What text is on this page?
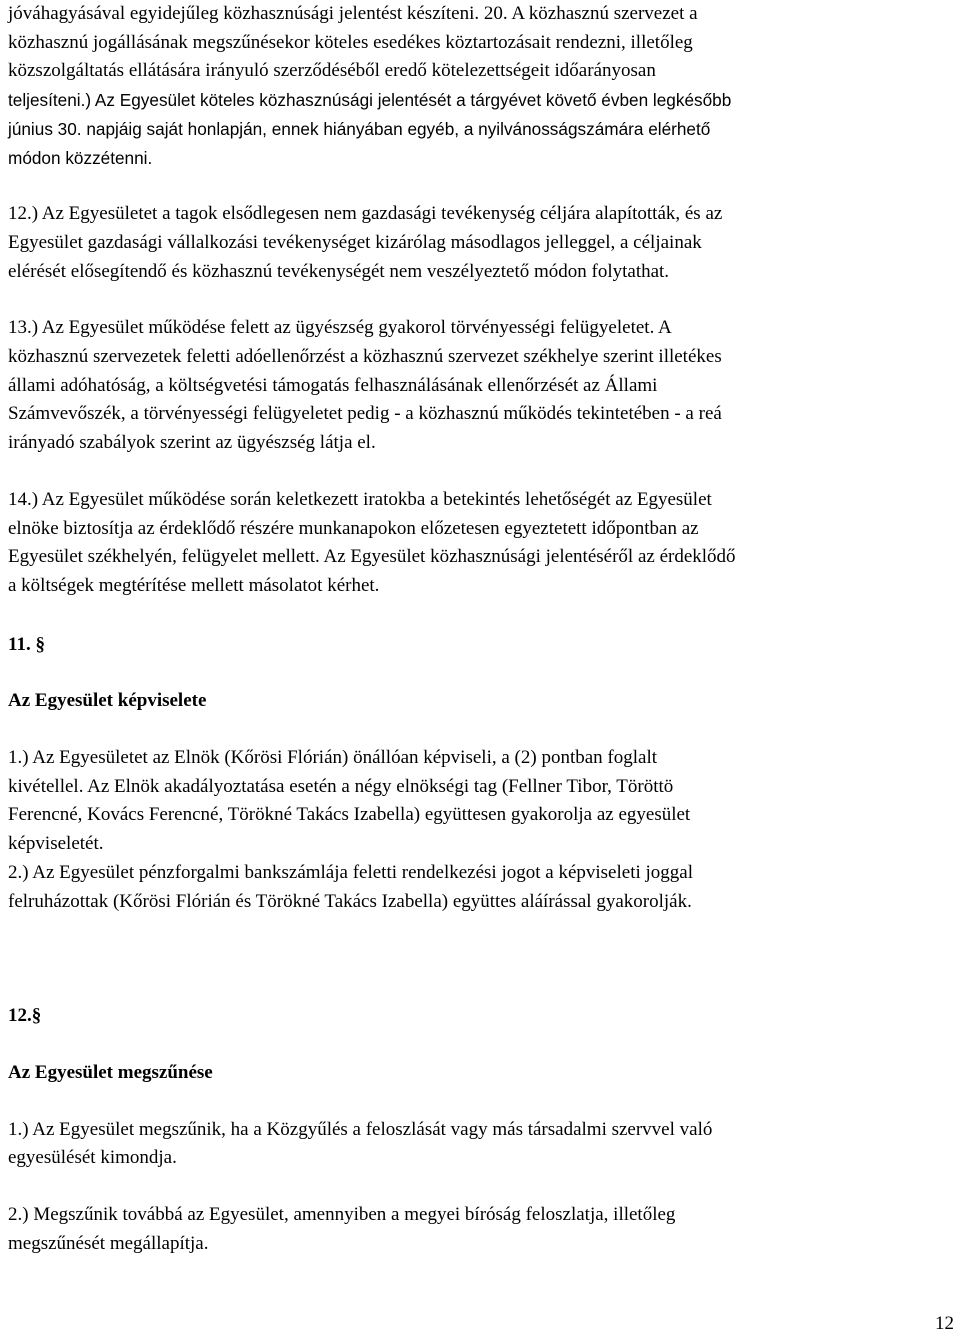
jóváhagyásával egyidejűleg közhasznúsági jelentést készíteni. 20. A közhasznú szervezet a
közhasznú jogállásának megszűnésekor köteles esedékes köztartozásait rendezni, illetőleg
közszolgáltatás ellátására irányuló szerződéséből eredő kötelezettségeit időarányosan
teljesíteni.) Az Egyesület köteles közhasznúsági jelentését a tárgyévet követő évben legkésőbb
június 30. napjáig saját honlapján, ennek hiányában egyéb, a nyilvánosságszámára elérhető
módon közzétenni.
12.) Az Egyesületet a tagok elsődlegesen nem gazdasági tevékenység céljára alapították, és az
Egyesület gazdasági vállalkozási tevékenységet kizárólag másodlagos jelleggel, a céljainak
elérését elősegítendő és közhasznú tevékenységét nem veszélyeztető módon folytathat.
13.) Az Egyesület működése felett az ügyészség gyakorol törvényességi felügyeletet. A
közhasznú szervezetek feletti adóellenőrzést a közhasznú szervezet székhelye szerint illetékes
állami adóhatóság, a költségvetési támogatás felhasználásának ellenőrzését az Állami
Számvevőszék, a törvényességi felügyeletet pedig - a közhasznú működés tekintetében - a reá
irányadó szabályok szerint az ügyészség látja el.
14.) Az Egyesület működése során keletkezett iratokba a betekintés lehetőségét az Egyesület
elnöke biztosítja az érdeklődő részére munkanapokon előzetesen egyeztetett időpontban az
Egyesület székhelyén, felügyelet mellett. Az Egyesület közhasznúsági jelentéséről az érdeklődő
a költségek megtérítése mellett másolatot kérhet.
11. §
Az Egyesület képviselete
1.) Az Egyesületet az Elnök (Kőrösi Flórián) önállóan képviseli, a (2) pontban foglalt
kivétellel. Az Elnök akadályoztatása esetén a négy elnökségi tag (Fellner Tibor, Töröttö
Ferencné, Kovács Ferencné, Törökné Takács Izabella) együttesen gyakorolja az egyesület
képviseletét.
2.) Az Egyesület pénzforgalmi bankszámlája feletti rendelkezési jogot a képviseleti joggal
felruházottak (Kőrösi Flórián és Törökné Takács Izabella) együttes aláírással gyakorolják.
12.§
Az Egyesület megszűnése
1.) Az Egyesület megszűnik, ha a Közgyűlés a feloszlását vagy más társadalmi szervvel való
egyesülését kimondja.
2.) Megszűnik továbbá az Egyesület, amennyiben a megyei bíróság feloszlatja, illetőleg
megszűnését megállapítja.
12
